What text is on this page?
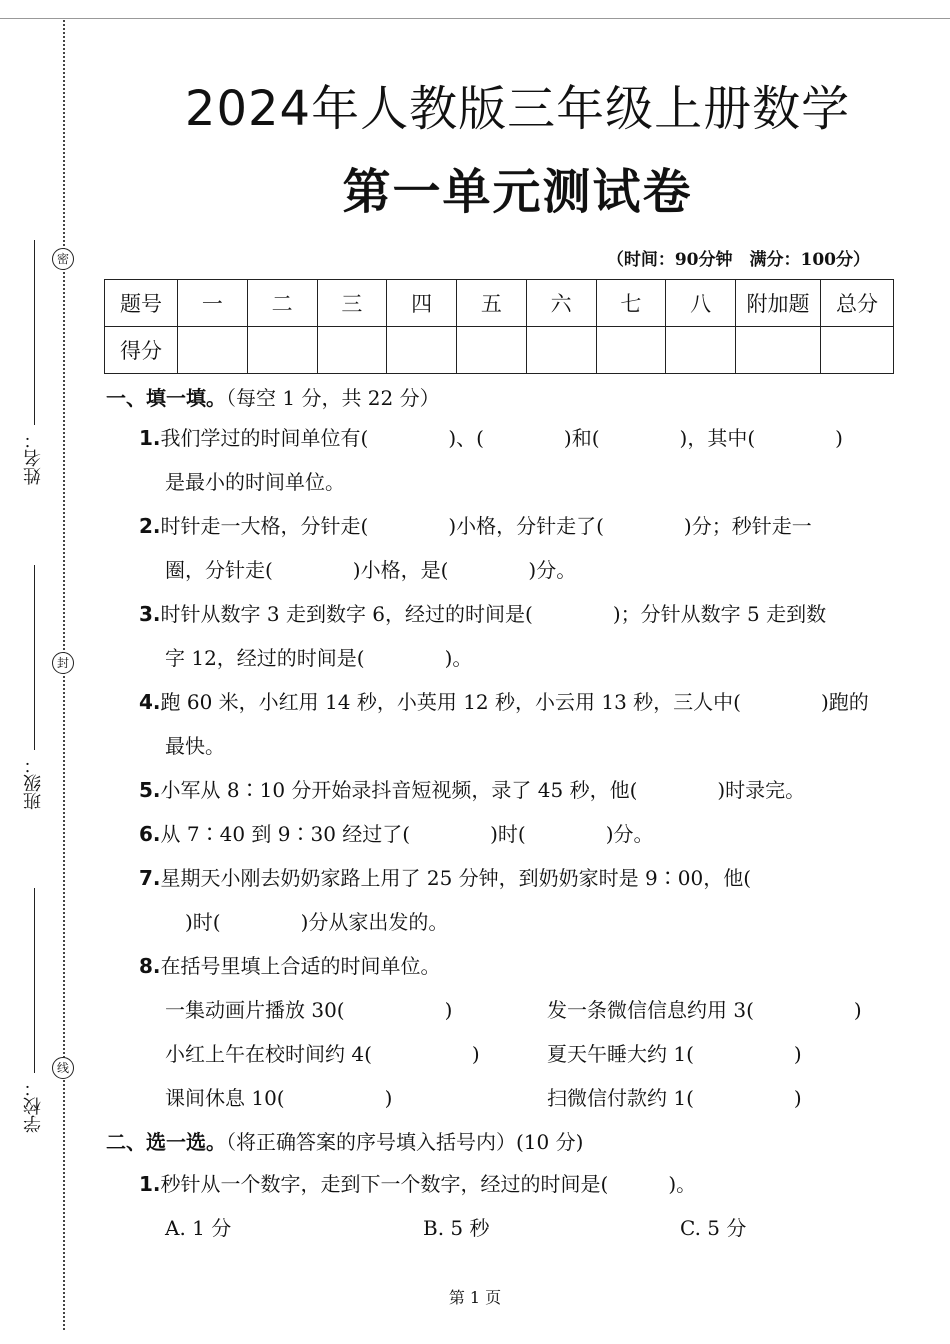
密
封
线
姓名：
班级：
学校：
2024年人教版三年级上册数学
第一单元测试卷
（时间：90分钟　满分：100分）
题号	一	二	三	四	五	六	七	八	附加题	总分
得分										
一、填一填。（每空 1 分，共 22 分）
1.我们学过的时间单位有(　　　　)、(　　　　)和(　　　　)，其中(　　　　)
是最小的时间单位。
2.时针走一大格，分针走(　　　　)小格，分针走了(　　　　)分；秒针走一
圈，分针走(　　　　)小格，是(　　　　)分。
3.时针从数字 3 走到数字 6，经过的时间是(　　　　)；分针从数字 5 走到数
字 12，经过的时间是(　　　　)。
4.跑 60 米，小红用 14 秒，小英用 12 秒，小云用 13 秒，三人中(　　　　)跑的
最快。
5.小军从 8∶10 分开始录抖音短视频，录了 45 秒，他(　　　　)时录完。
6.从 7∶40 到 9∶30 经过了(　　　　)时(　　　　)分。
7.星期天小刚去奶奶家路上用了 25 分钟，到奶奶家时是 9∶00，他(
　)时(　　　　)分从家出发的。
8.在括号里填上合适的时间单位。
一集动画片播放 30(　　　　　)	发一条微信信息约用 3(　　　　　)
小红上午在校时间约 4(　　　　　)	夏天午睡大约 1(　　　　　)
课间休息 10(　　　　　)	扫微信付款约 1(　　　　　)
二、选一选。（将正确答案的序号填入括号内）(10 分)
1.秒针从一个数字，走到下一个数字，经过的时间是(　　　)。
A. 1 分	B. 5 秒	C. 5 分
第 1 页
